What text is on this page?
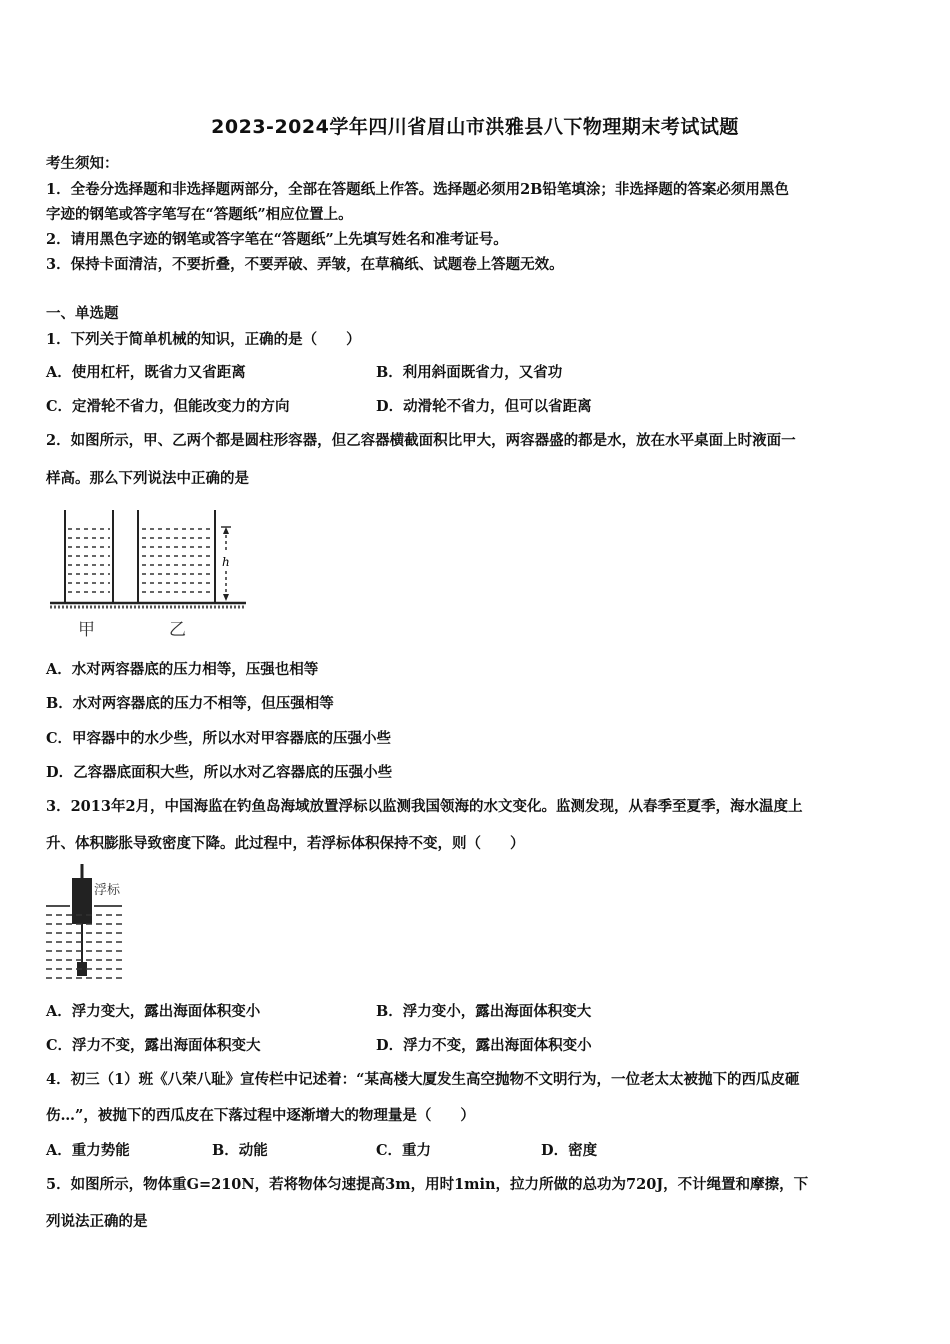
2023-2024学年四川省眉山市洪雅县八下物理期末考试试题
考生须知：
1．全卷分选择题和非选择题两部分，全部在答题纸上作答。选择题必须用2B铅笔填涂；非选择题的答案必须用黑色
字迹的钢笔或答字笔写在“答题纸”相应位置上。
2．请用黑色字迹的钢笔或答字笔在“答题纸”上先填写姓名和准考证号。
3．保持卡面清洁，不要折叠，不要弄破、弄皱，在草稿纸、试题卷上答题无效。
一、单选题
1．下列关于简单机械的知识，正确的是（　　）
A．使用杠杆，既省力又省距离	B．利用斜面既省力，又省功
C．定滑轮不省力，但能改变力的方向	D．动滑轮不省力，但可以省距离
2．如图所示，甲、乙两个都是圆柱形容器，但乙容器横截面积比甲大，两容器盛的都是水，放在水平桌面上时液面一
样高。那么下列说法中正确的是
h
甲	乙
A．水对两容器底的压力相等，压强也相等
B．水对两容器底的压力不相等，但压强相等
C．甲容器中的水少些，所以水对甲容器底的压强小些
D．乙容器底面积大些，所以水对乙容器底的压强小些
3．2013年2月，中国海监在钓鱼岛海域放置浮标以监测我国领海的水文变化。监测发现，从春季至夏季，海水温度上
升、体积膨胀导致密度下降。此过程中，若浮标体积保持不变，则（　　）
浮标
A．浮力变大，露出海面体积变小	B．浮力变小，露出海面体积变大
C．浮力不变，露出海面体积变大	D．浮力不变，露出海面体积变小
4．初三（1）班《八荣八耻》宣传栏中记述着：“某高楼大厦发生高空抛物不文明行为，一位老太太被抛下的西瓜皮砸
伤…”，被抛下的西瓜皮在下落过程中逐渐增大的物理量是（　　）
A．重力势能	B．动能	C．重力	D．密度
5．如图所示，物体重G=210N，若将物体匀速提高3m，用时1min，拉力所做的总功为720J，不计绳置和摩擦，下
列说法正确的是
